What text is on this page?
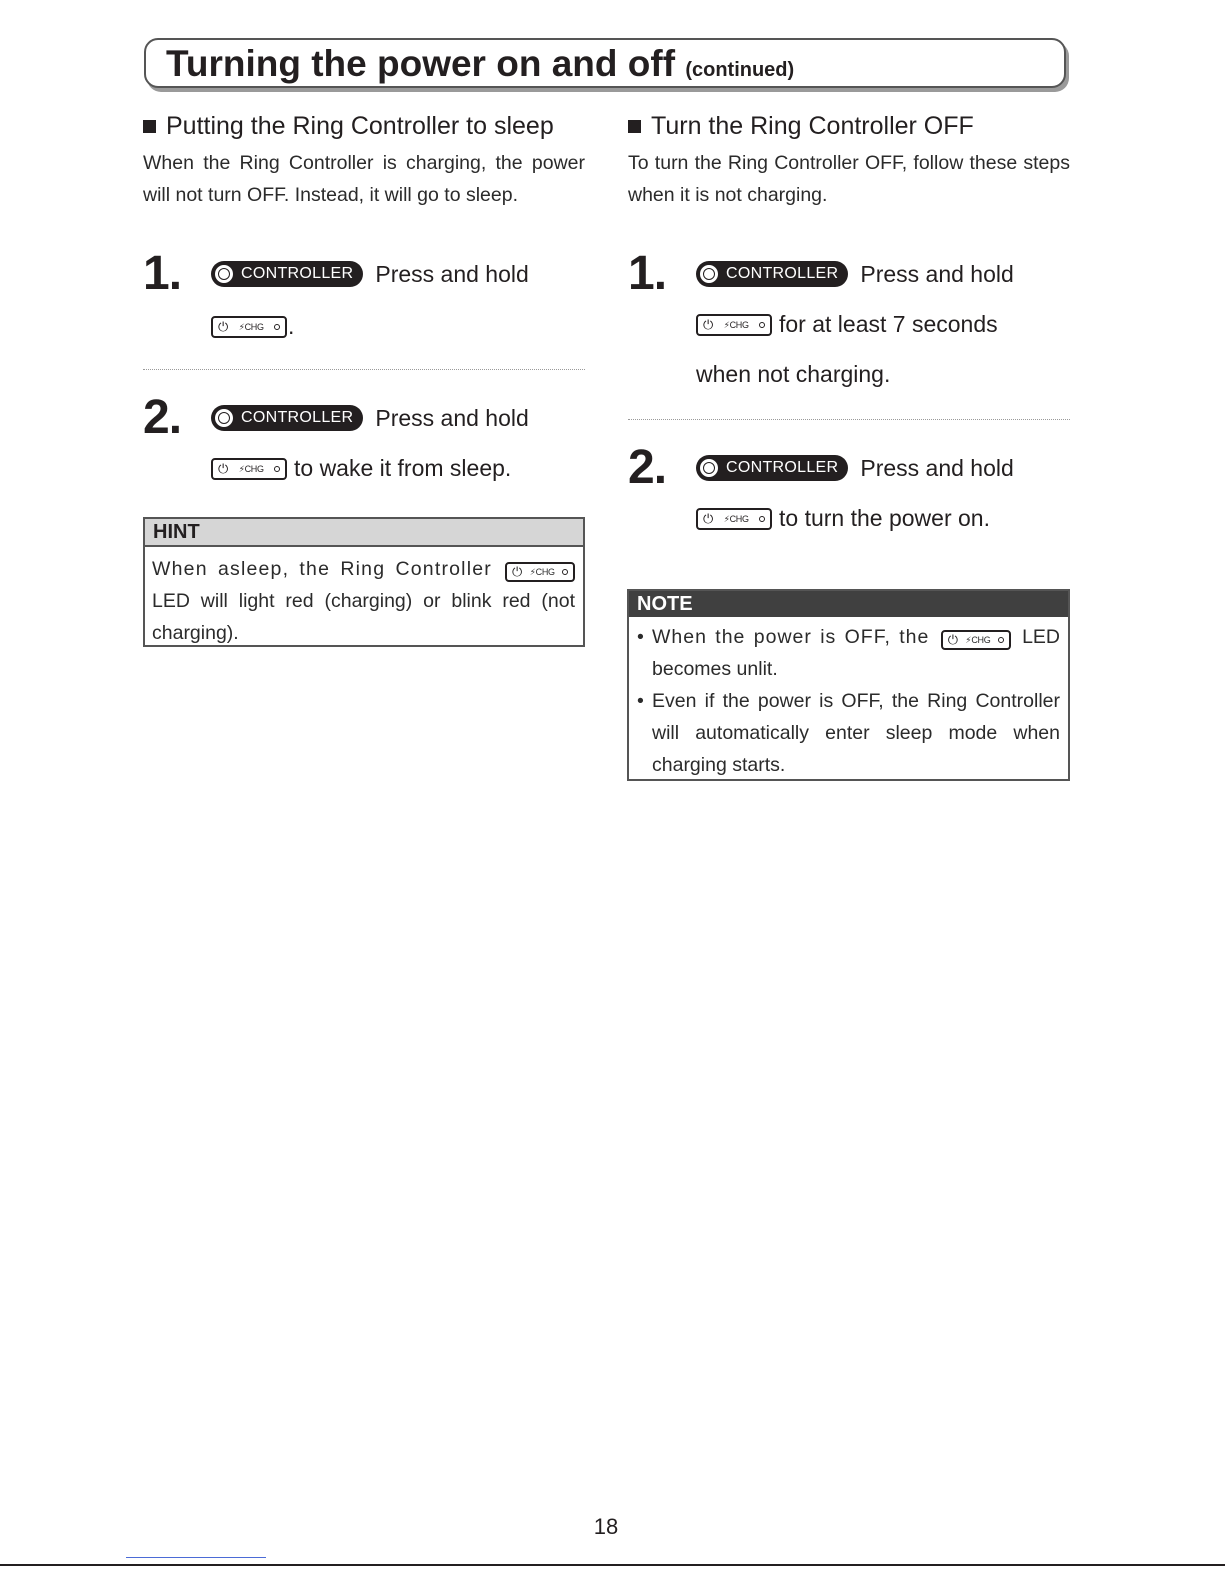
Turning the power on and off (continued)
Putting the Ring Controller to sleep

When the Ring Controller is charging, the power will not turn OFF. Instead, it will go to sleep.

1.	CONTROLLER Press and hold
⏻ ⚡CHG .
2.	CONTROLLER Press and hold
⏻ ⚡CHG to wake it from sleep.
HINT
When asleep, the Ring Controller ⏻ ⚡CHG
LED will light red (charging) or blink red (not charging).
Turn the Ring Controller OFF

To turn the Ring Controller OFF, follow these steps when it is not charging.

1.	CONTROLLER Press and hold
⏻ ⚡CHG for at least 7 seconds
when not charging.
2.	CONTROLLER Press and hold
⏻ ⚡CHG to turn the power on.
NOTE
• When the power is OFF, the ⏻ ⚡CHG LED becomes unlit.
• Even if the power is OFF, the Ring Controller will automatically enter sleep mode when charging starts.
18
